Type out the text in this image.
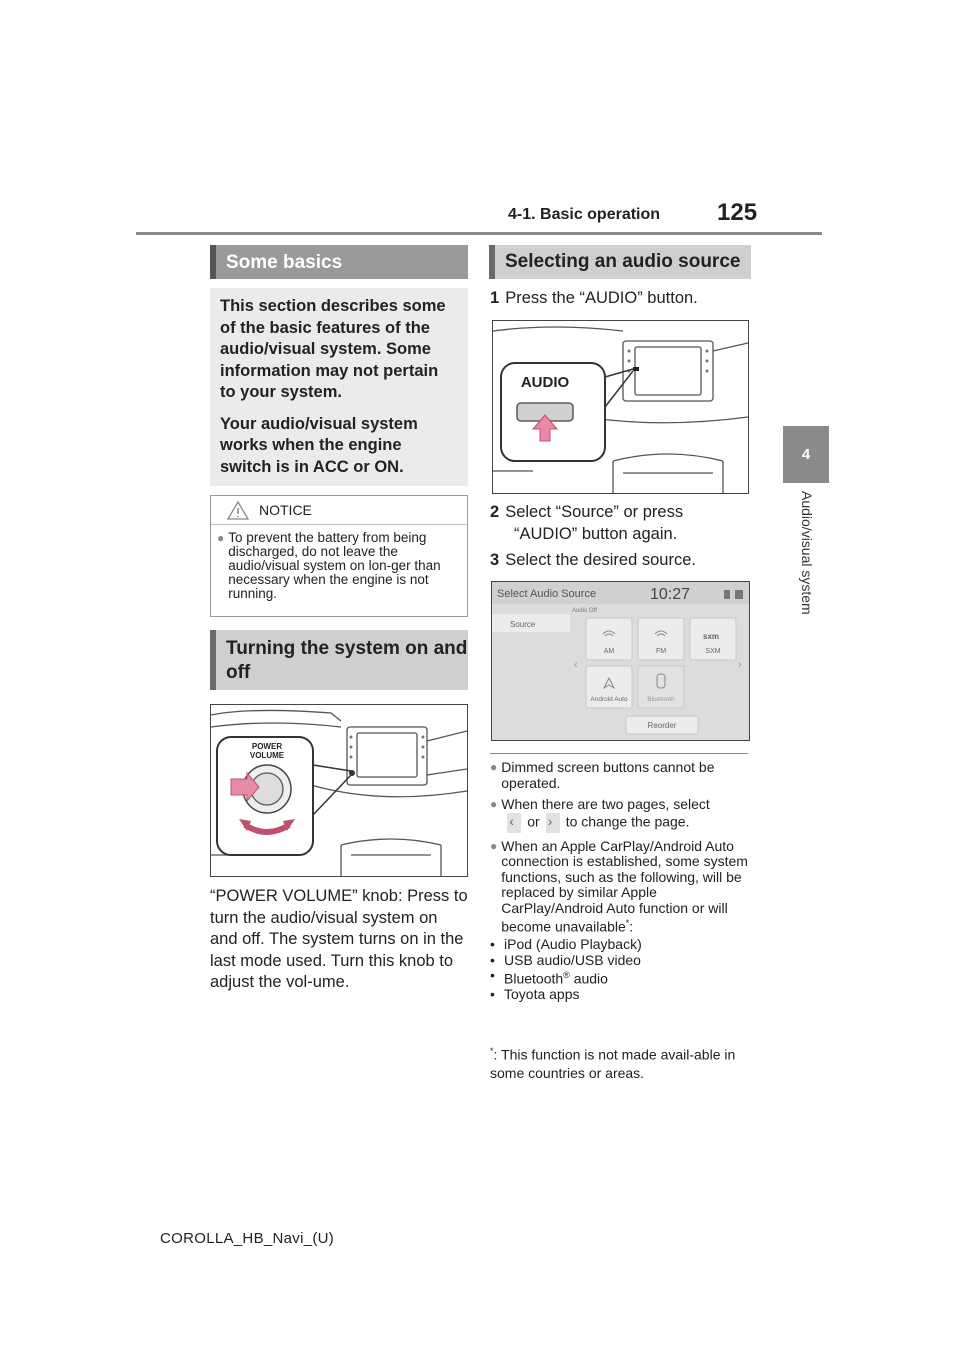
4-1. Basic operation 125
4
Audio/visual system
Some basics

This section describes some of the basic features of the audio/visual system. Some information may not pertain to your system.

Your audio/visual system works when the engine switch is in ACC or ON.

NOTICE
● To prevent the battery from being discharged, do not leave the audio/visual system on lon-ger than necessary when the engine is not running.
Turning the system on and off
POWER
VOLUME
“POWER VOLUME” knob: Press to turn the audio/visual system on and off. The system turns on in the last mode used. Turn this knob to adjust the vol-ume.
Selecting an audio source
1 Press the “AUDIO” button.
AUDIO
2 Select “Source” or press
“AUDIO” button again.
3 Select the desired source.
Select Audio Source	10:27
Audio Off
Source
‹	›
sxm
AM	FM	SXM
Android Auto	Bluetooth
Reorder
● Dimmed screen buttons cannot be operated.
● When there are two pages, select

‹ or › to change the page.
● When an Apple CarPlay/Android Auto connection is established, some system functions, such as the following, will be replaced by similar Apple CarPlay/Android Auto function or will become unavailable*:
• iPod (Audio Playback)
• USB audio/USB video
• Bluetooth® audio
• Toyota apps
*: This function is not made avail-able in some countries or areas.
COROLLA_HB_Navi_(U)
